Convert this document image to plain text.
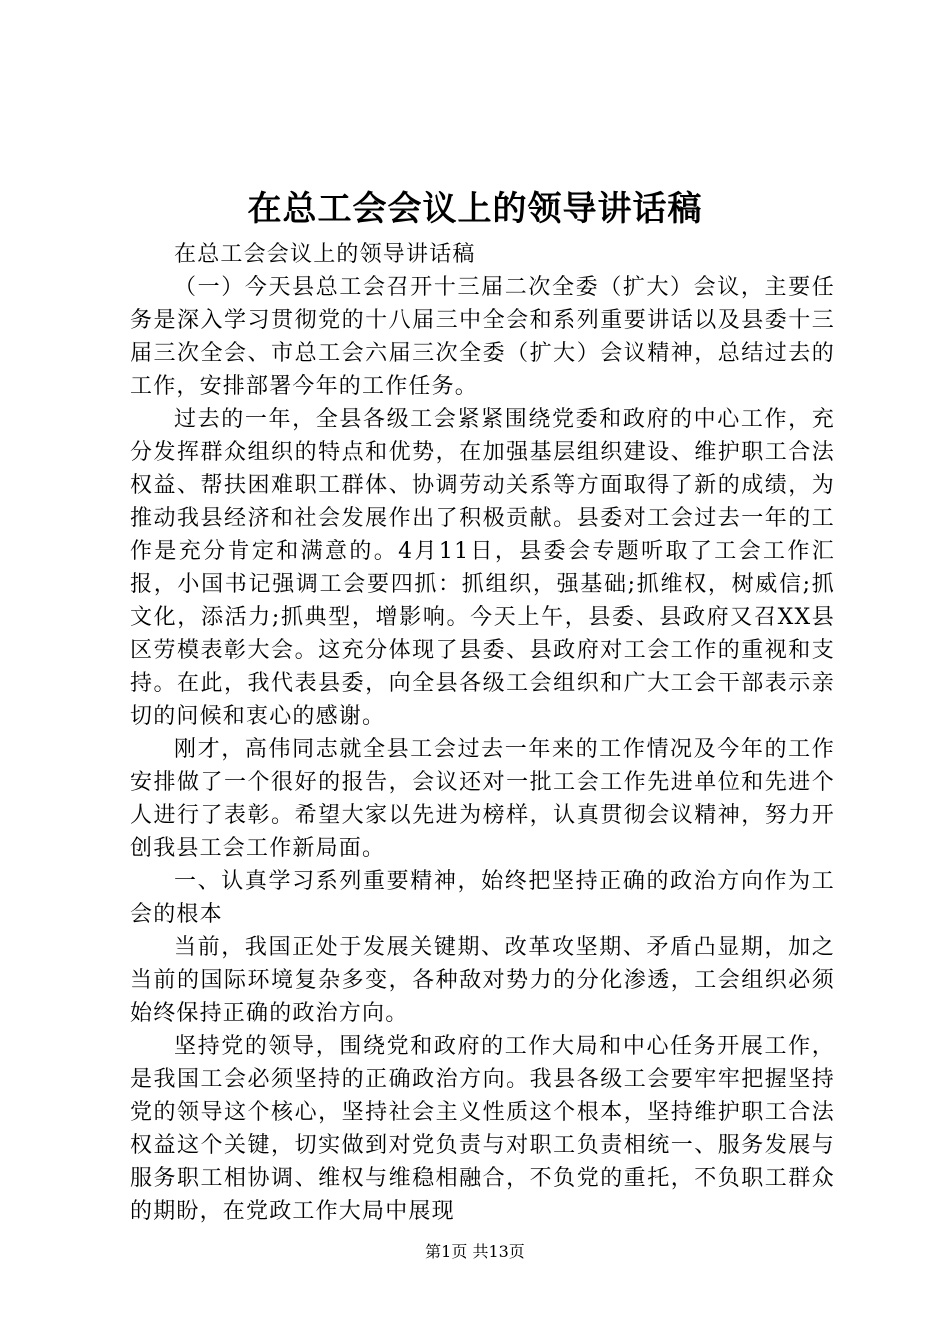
在总工会会议上的领导讲话稿

在总工会会议上的领导讲话稿

（一）今天县总工会召开十三届二次全委（扩大）会议，主要任务是深入学习贯彻党的十八届三中全会和系列重要讲话以及县委十三届三次全会、市总工会六届三次全委（扩大）会议精神，总结过去的工作，安排部署今年的工作任务。

过去的一年，全县各级工会紧紧围绕党委和政府的中心工作，充分发挥群众组织的特点和优势，在加强基层组织建设、维护职工合法权益、帮扶困难职工群体、协调劳动关系等方面取得了新的成绩，为推动我县经济和社会发展作出了积极贡献。县委对工会过去一年的工作是充分肯定和满意的。4月11日，县委会专题听取了工会工作汇报，小国书记强调工会要四抓：抓组织，强基础;抓维权，树威信;抓文化，添活力;抓典型，增影响。今天上午，县委、县政府又召XX县区劳模表彰大会。这充分体现了县委、县政府对工会工作的重视和支持。在此，我代表县委，向全县各级工会组织和广大工会干部表示亲切的问候和衷心的感谢。

刚才，高伟同志就全县工会过去一年来的工作情况及今年的工作安排做了一个很好的报告，会议还对一批工会工作先进单位和先进个人进行了表彰。希望大家以先进为榜样，认真贯彻会议精神，努力开创我县工会工作新局面。

一、认真学习系列重要精神，始终把坚持正确的政治方向作为工会的根本

当前，我国正处于发展关键期、改革攻坚期、矛盾凸显期，加之当前的国际环境复杂多变，各种敌对势力的分化渗透，工会组织必须始终保持正确的政治方向。

坚持党的领导，围绕党和政府的工作大局和中心任务开展工作，是我国工会必须坚持的正确政治方向。我县各级工会要牢牢把握坚持党的领导这个核心，坚持社会主义性质这个根本，坚持维护职工合法权益这个关键，切实做到对党负责与对职工负责相统一、服务发展与服务职工相协调、维权与维稳相融合，不负党的重托，不负职工群众的期盼，在党政工作大局中展现

第1页 共13页
